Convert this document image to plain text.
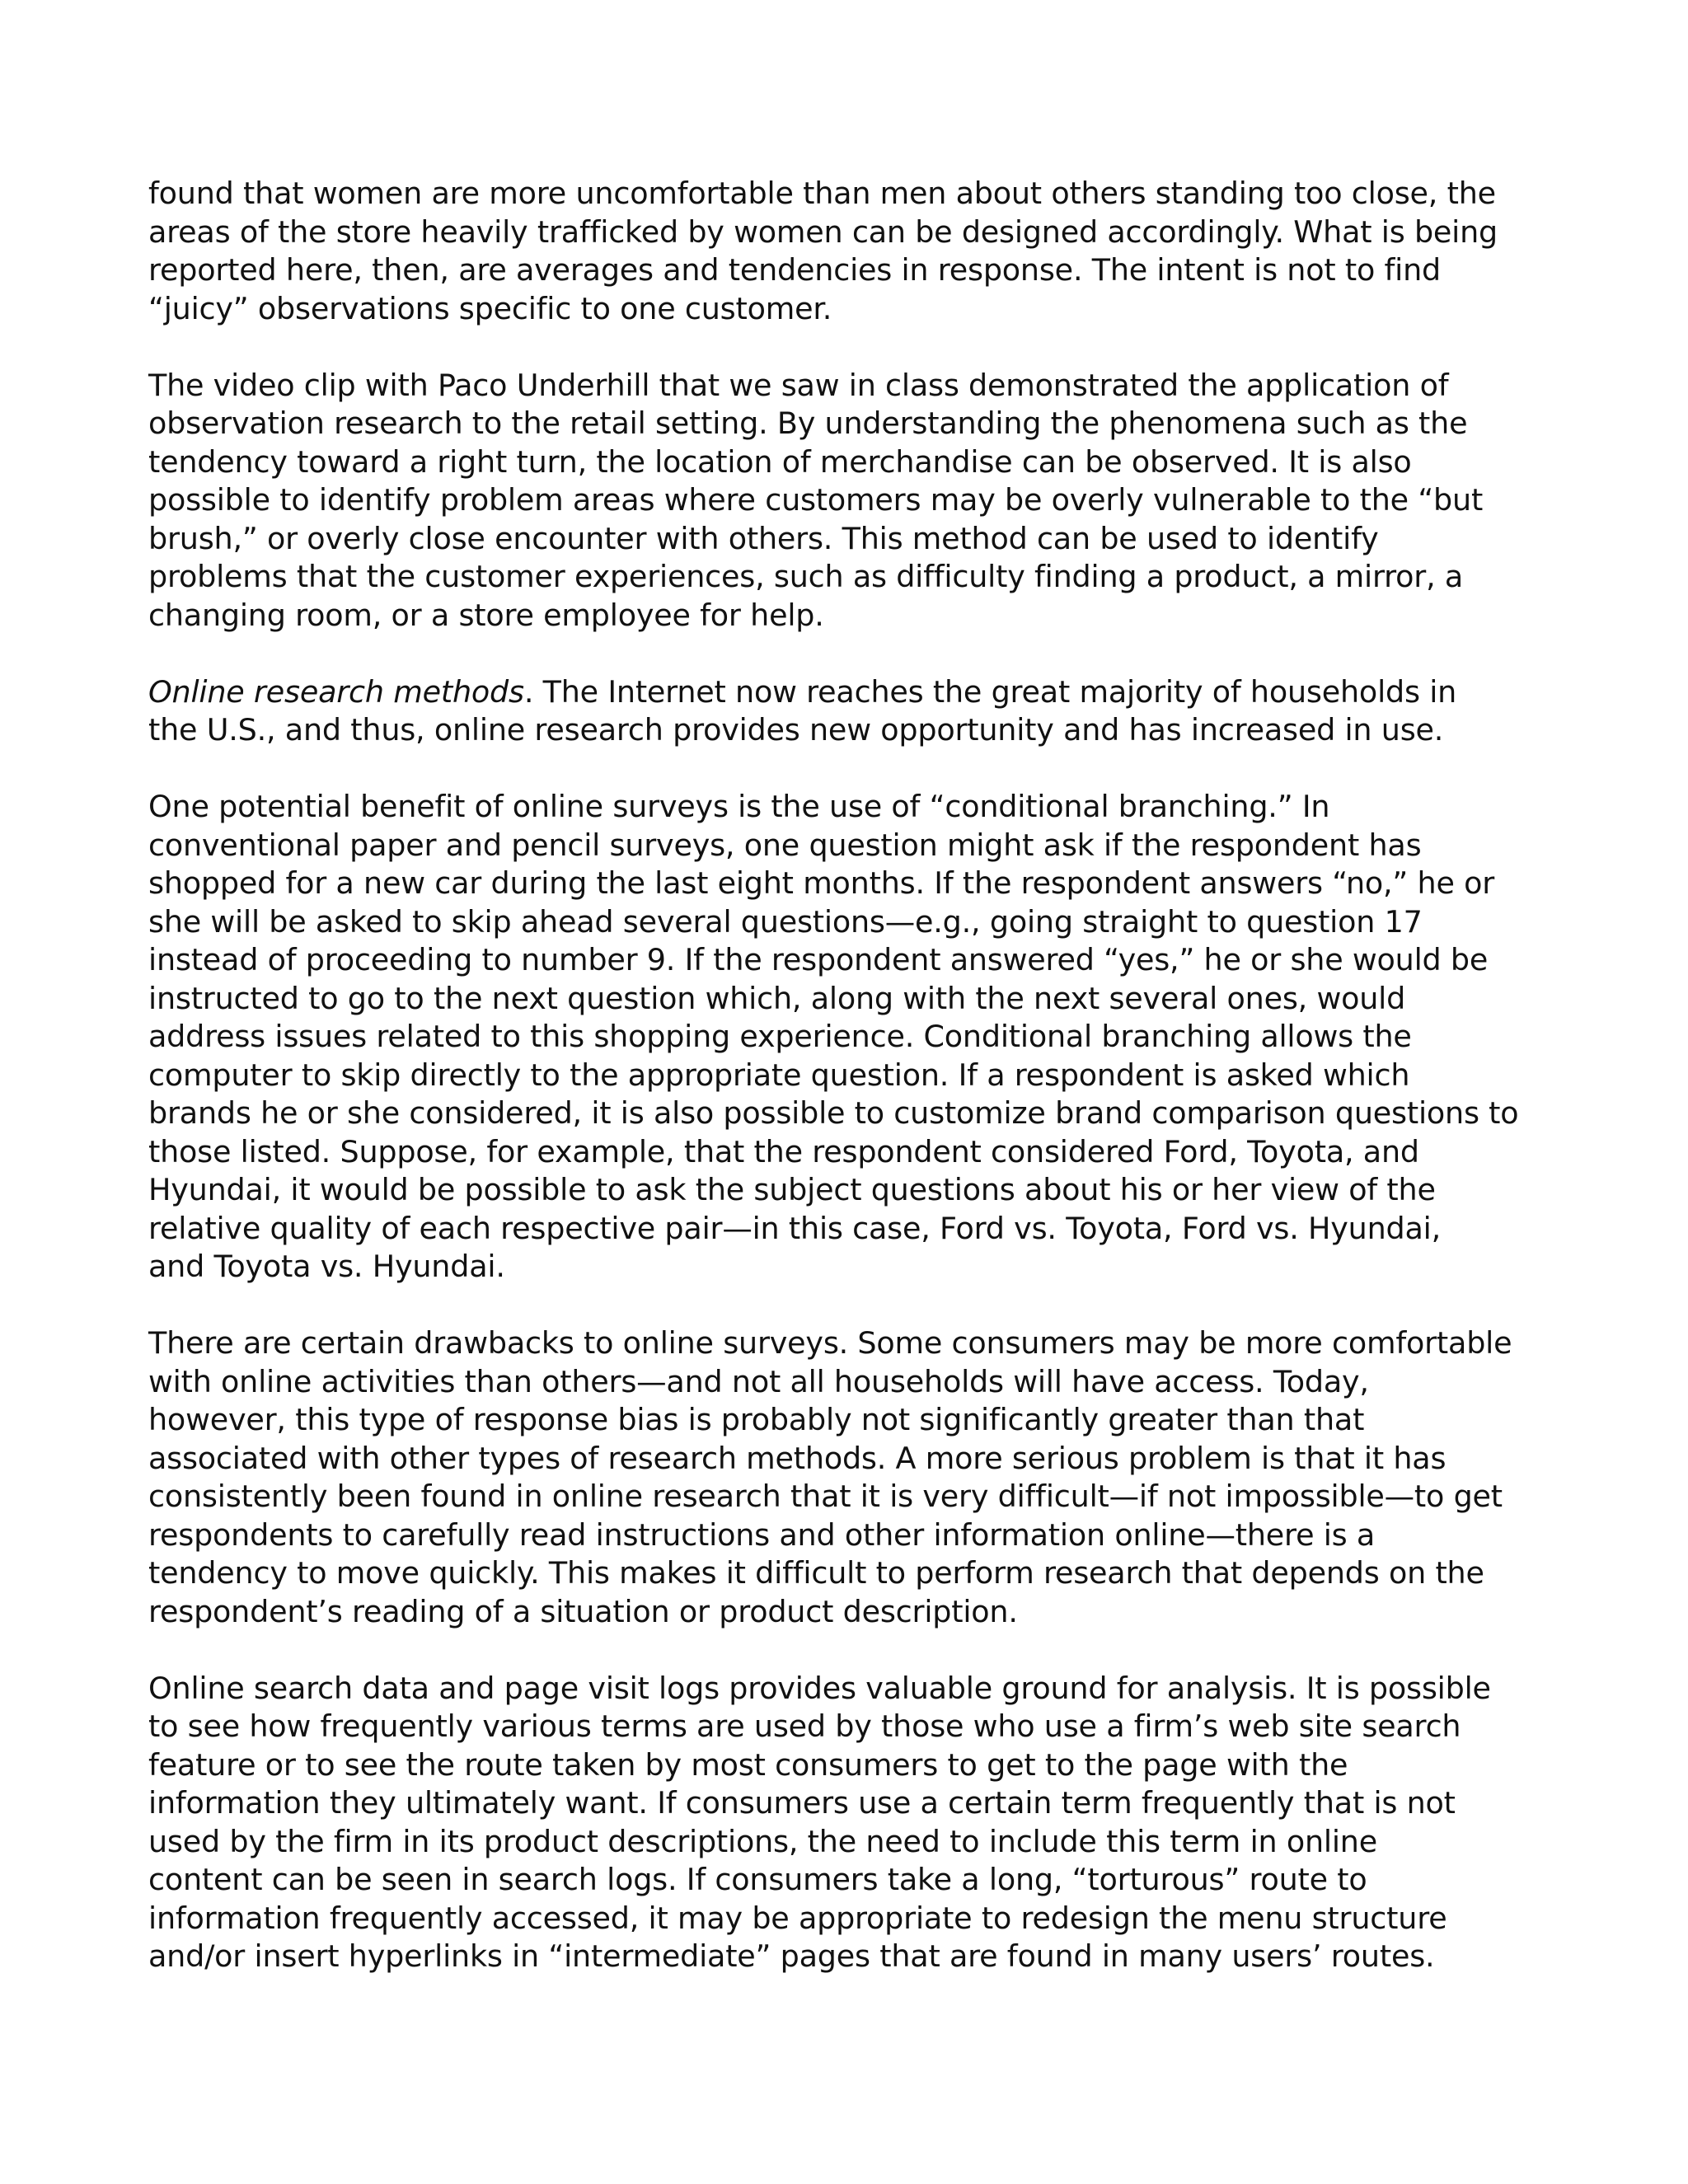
found that women are more uncomfortable than men about others standing too close, the
areas of the store heavily trafficked by women can be designed accordingly. What is being
reported here, then, are averages and tendencies in response. The intent is not to find
“juicy” observations specific to one customer.

The video clip with Paco Underhill that we saw in class demonstrated the application of
observation research to the retail setting. By understanding the phenomena such as the
tendency toward a right turn, the location of merchandise can be observed. It is also
possible to identify problem areas where customers may be overly vulnerable to the “but
brush,” or overly close encounter with others. This method can be used to identify
problems that the customer experiences, such as difficulty finding a product, a mirror, a
changing room, or a store employee for help.

Online research methods. The Internet now reaches the great majority of households in
the U.S., and thus, online research provides new opportunity and has increased in use.

One potential benefit of online surveys is the use of “conditional branching.” In
conventional paper and pencil surveys, one question might ask if the respondent has
shopped for a new car during the last eight months. If the respondent answers “no,” he or
she will be asked to skip ahead several questions—e.g., going straight to question 17
instead of proceeding to number 9. If the respondent answered “yes,” he or she would be
instructed to go to the next question which, along with the next several ones, would
address issues related to this shopping experience. Conditional branching allows the
computer to skip directly to the appropriate question. If a respondent is asked which
brands he or she considered, it is also possible to customize brand comparison questions to
those listed. Suppose, for example, that the respondent considered Ford, Toyota, and
Hyundai, it would be possible to ask the subject questions about his or her view of the
relative quality of each respective pair—in this case, Ford vs. Toyota, Ford vs. Hyundai,
and Toyota vs. Hyundai.

There are certain drawbacks to online surveys. Some consumers may be more comfortable
with online activities than others—and not all households will have access. Today,
however, this type of response bias is probably not significantly greater than that
associated with other types of research methods. A more serious problem is that it has
consistently been found in online research that it is very difficult—if not impossible—to get
respondents to carefully read instructions and other information online—there is a
tendency to move quickly. This makes it difficult to perform research that depends on the
respondent’s reading of a situation or product description.

Online search data and page visit logs provides valuable ground for analysis. It is possible
to see how frequently various terms are used by those who use a firm’s web site search
feature or to see the route taken by most consumers to get to the page with the
information they ultimately want. If consumers use a certain term frequently that is not
used by the firm in its product descriptions, the need to include this term in online
content can be seen in search logs. If consumers take a long, “torturous” route to
information frequently accessed, it may be appropriate to redesign the menu structure
and/or insert hyperlinks in “intermediate” pages that are found in many users’ routes.
